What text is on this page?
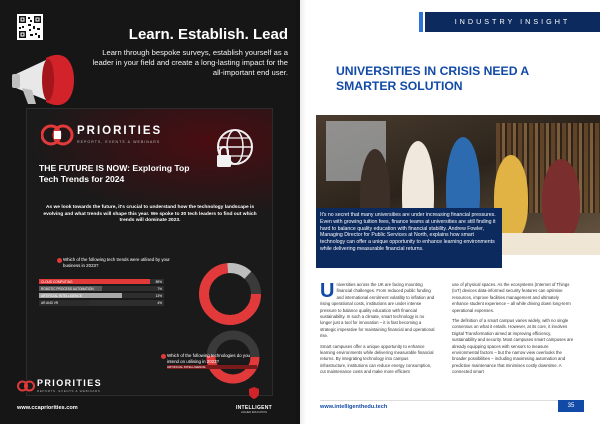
Learn. Establish. Lead
Learn through bespoke surveys, establish yourself as a leader in your field and create a long-lasting impact for the all-important end user.
PRIORITIES
REPORTS, EVENTS & WEBINARS
THE FUTURE IS NOW: Exploring Top
Tech Trends for 2024
As we look towards the future, it's crucial to understand how the technology landscape is evolving and what trends will shape this year. We spoke to 30 tech leaders to find out which trends will dominate 2023.
Which of the following tech trends were utilised by your business in 2023?
CLOUD COMPUTING	89%
ROBOTIC PROCESS AUTOMATION	7%
ARTIFICIAL INTELLIGENCE	13%
AR AND VR	4%
Which of the following technologies do you intend on utilising in 2023?
ARTIFICIAL INTELLIGENCE
PRIORITIES
REPORTS, EVENTS & WEBINARS
www.ccapriorities.com	INTELLIGENT
HIGHER EDUCATION
INDUSTRY INSIGHT
UNIVERSITIES IN CRISIS NEED A SMARTER SOLUTION
It's no secret that many universities are under increasing financial pressures. Even with growing tuition fees, finance teams at universities are still finding it hard to balance quality education with financial stability. Andrew Fowler, Managing Director for Public Services at North, explains how smart technology can offer a unique opportunity to enhance learning environments while delivering measurable financial returns.

Universities across the UK are facing mounting financial challenges. From reduced public funding and international enrolment volatility to inflation and rising operational costs, institutions are under intense pressure to balance quality education with financial sustainability. In such a climate, smart technology is no longer just a tool for innovation – it is fast becoming a strategic imperative for maintaining financial and operational rise.

Smart campuses offer a unique opportunity to enhance learning environments while delivering measurable financial returns. By integrating technology into campus infrastructure, institutions can reduce energy consumption, cut maintenance costs and make more efficient

use of physical spaces. As the ecosystems (Internet of Things (IoT) devices data-informed security features can optimise resources, improve facilities management and ultimately enhance student experience – all while driving down long-term operational expenses.

The definition of a smart campus varies widely, with no single consensus on what it entails. However, at its core, it involves Digital Transformation aimed at improving efficiency, sustainability and security. Most campuses smart campuses are already equipping spaces with sensors to measure environmental factors – but the narrow view overlooks the broader possibilities – including maximising automation and predictive maintenance that minimises costly downtime. A connected smart

www.intelligenthedu.tech	35
